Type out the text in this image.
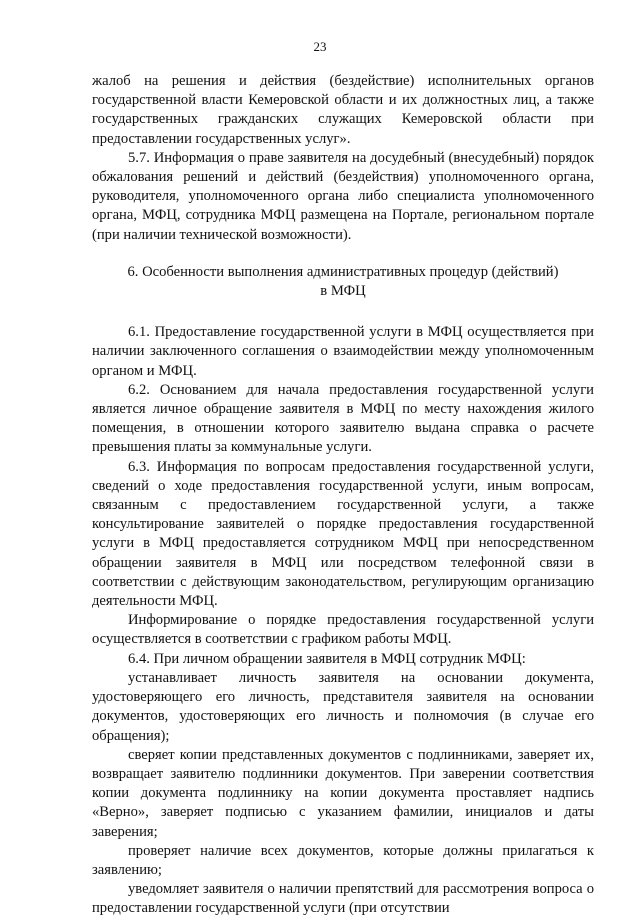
23

жалоб на решения и действия (бездействие) исполнительных органов государственной власти Кемеровской области и их должностных лиц, а также государственных гражданских служащих Кемеровской области при предоставлении государственных услуг».

5.7. Информация о праве заявителя на досудебный (внесудебный) порядок обжалования решений и действий (бездействия) уполномоченного органа, руководителя, уполномоченного органа либо специалиста уполномоченного органа, МФЦ, сотрудника МФЦ размещена на Портале, региональном портале (при наличии технической возможности).

6. Особенности выполнения административных процедур (действий)

в МФЦ

6.1. Предоставление государственной услуги в МФЦ осуществляется при наличии заключенного соглашения о взаимодействии между уполномоченным органом и МФЦ.

6.2. Основанием для начала предоставления государственной услуги является личное обращение заявителя в МФЦ по месту нахождения жилого помещения, в отношении которого заявителю выдана справка о расчете превышения платы за коммунальные услуги.

6.3. Информация по вопросам предоставления государственной услуги, сведений о ходе предоставления государственной услуги, иным вопросам, связанным с предоставлением государственной услуги, а также консультирование заявителей о порядке предоставления государственной услуги в МФЦ предоставляется сотрудником МФЦ при непосредственном обращении заявителя в МФЦ или посредством телефонной связи в соответствии с действующим законодательством, регулирующим организацию деятельности МФЦ.

Информирование о порядке предоставления государственной услуги осуществляется в соответствии с графиком работы МФЦ.

6.4. При личном обращении заявителя в МФЦ сотрудник МФЦ:

устанавливает личность заявителя на основании документа, удостоверяющего его личность, представителя заявителя на основании документов, удостоверяющих его личность и полномочия (в случае его обращения);

сверяет копии представленных документов с подлинниками, заверяет их, возвращает заявителю подлинники документов. При заверении соответствия копии документа подлиннику на копии документа проставляет надпись «Верно», заверяет подписью с указанием фамилии, инициалов и даты заверения;

проверяет наличие всех документов, которые должны прилагаться к заявлению;

уведомляет заявителя о наличии препятствий для рассмотрения вопроса о предоставлении государственной услуги (при отсутствии
